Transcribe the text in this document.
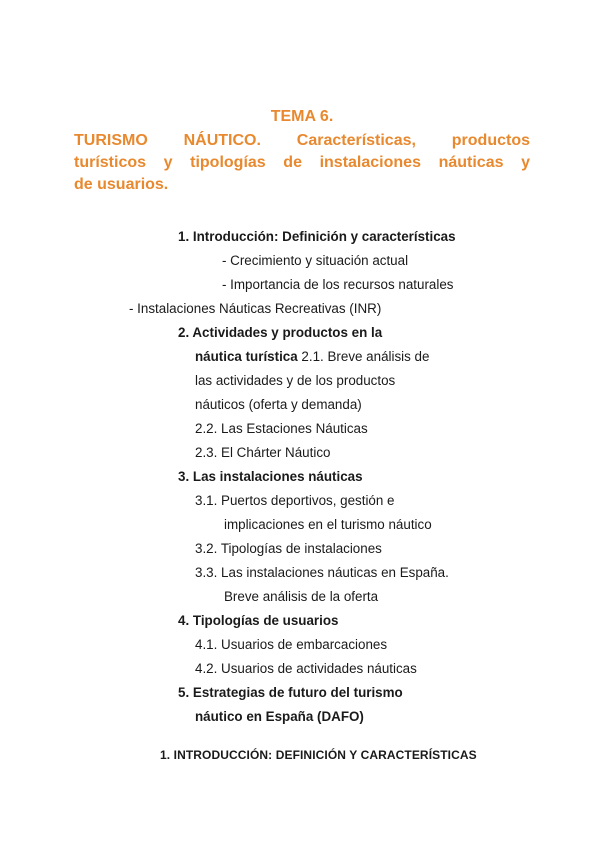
TEMA 6.
TURISMO NÁUTICO. Características, productos
turísticos y tipologías de instalaciones náuticas y
de usuarios.
1. Introducción: Definición y características
- Crecimiento y situación actual
- Importancia de los recursos naturales
- Instalaciones Náuticas Recreativas (INR)
2. Actividades y productos en la
náutica turística 2.1. Breve análisis de
las actividades y de los productos
náuticos (oferta y demanda)
2.2. Las Estaciones Náuticas
2.3. El Chárter Náutico
3. Las instalaciones náuticas
3.1. Puertos deportivos, gestión e
implicaciones en el turismo náutico
3.2. Tipologías de instalaciones
3.3. Las instalaciones náuticas en España.
Breve análisis de la oferta
4. Tipologías de usuarios
4.1. Usuarios de embarcaciones
4.2. Usuarios de actividades náuticas
5. Estrategias de futuro del turismo
náutico en España (DAFO)
1. INTRODUCCIÓN: DEFINICIÓN Y CARACTERÍSTICAS
